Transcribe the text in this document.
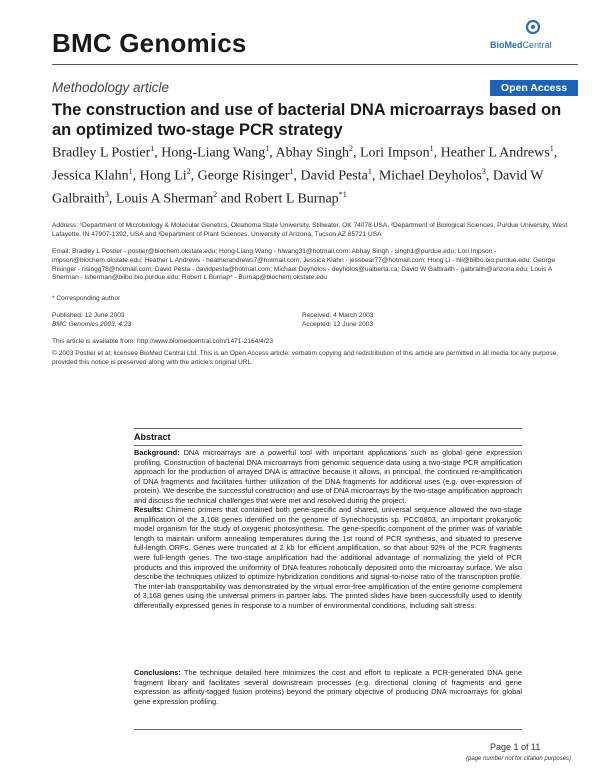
BMC Genomics	BioMedCentral
Methodology article	Open Access
The construction and use of bacterial DNA microarrays based on an optimized two-stage PCR strategy
Bradley L Postier$^1$, Hong-Liang Wang$^1$, Abhay Singh$^2$, Lori Impson$^1$, Heather L Andrews$^1$, Jessica Klahn$^1$, Hong Li$^2$, George Risinger$^1$, David Pesta$^1$, Michael Deyholos$^3$, David W Galbraith$^3$, Louis A Sherman$^2$ and Robert L Burnap$^{*1}$
Address: ¹Department of Microbiology & Molecular Genetics, Oklahoma State University, Stillwater, OK 74078 USA, ²Department of Biological Sciences, Purdue University, West Lafayette, IN 47907-1392, USA and ³Department of Plant Sciences, University of Arizona, Tucson AZ 85721 USA
Email: Bradley L Postier - postier@biochem.okstate.edu; Hong-Liang Wang - hlwang31@hotmail.com; Abhay Singh - singh1@purdue.edu; Lori Impson - impson@biochem.okstate.edu; Heather L Andrews - heatherandrews7@hotmail.com; Jessica Klahn - jessbear77@hotmail.com; Hong Li - hli@bilbo.bio.purdue.edu; George Risinger - risingg78@hotmail.com; David Pesta - davidpesta@hotmail.com; Michael Deyholos - deyholos@ualberta.ca; David W Galbraith - galbraith@arizona.edu; Louis A Sherman - lsherman@bilbo.bio.purdue.edu; Robert L Burnap* - Burnap@biochem.okstate.edu
* Corresponding author
Published: 12 June 2003
BMC Genomics 2003, 4:23
Received: 4 March 2003
Accepted: 12 June 2003
This article is available from: http://www.biomedcentral.com/1471-2164/4/23
© 2003 Postier et al; licensee BioMed Central Ltd. This is an Open Access article: verbatim copying and redistribution of this article are permitted in all media for any purpose, provided this notice is preserved along with the article's original URL.
Abstract
Background: DNA microarrays are a powerful tool with important applications such as global gene expression profiling. Construction of bacterial DNA microarrays from genomic sequence data using a two-stage PCR amplification approach for the production of arrayed DNA is attractive because it allows, in principal, the continued re-amplification of DNA fragments and facilitates further utilization of the DNA fragments for additional uses (e.g. over-expression of protein). We describe the successful construction and use of DNA microarrays by the two-stage amplification approach and discuss the technical challenges that were met and resolved during the project.
Results: Chimeric primers that contained both gene-specific and shared, universal sequence allowed the two-stage amplification of the 3,168 genes identified on the genome of Synechocystis sp. PCC6803, an important prokaryotic model organism for the study of oxygenic photosynthesis. The gene-specific component of the primer was of variable length to maintain uniform annealing temperatures during the 1st round of PCR synthesis, and situated to preserve full-length ORFs. Genes were truncated at 2 kb for efficient amplification, so that about 92% of the PCR fragments were full-length genes. The two-stage amplification had the additional advantage of normalizing the yield of PCR products and this improved the uniformity of DNA features robotically deposited onto the microarray surface. We also describe the techniques utilized to optimize hybridization conditions and signal-to-noise ratio of the transcription profile. The inter-lab transportability was demonstrated by the virtual error-free amplification of the entire genome complement of 3,168 genes using the universal primers in partner labs. The printed slides have been successfully used to identify differentially expressed genes in response to a number of environmental conditions, including salt stress.
Conclusions: The technique detailed here minimizes the cost and effort to replicate a PCR-generated DNA gene fragment library and facilitates several downstream processes (e.g. directional cloning of fragments and gene expression as affinity-tagged fusion proteins) beyond the primary objective of producing DNA microarrays for global gene expression profiling.
Page 1 of 11
(page number not for citation purposes)
